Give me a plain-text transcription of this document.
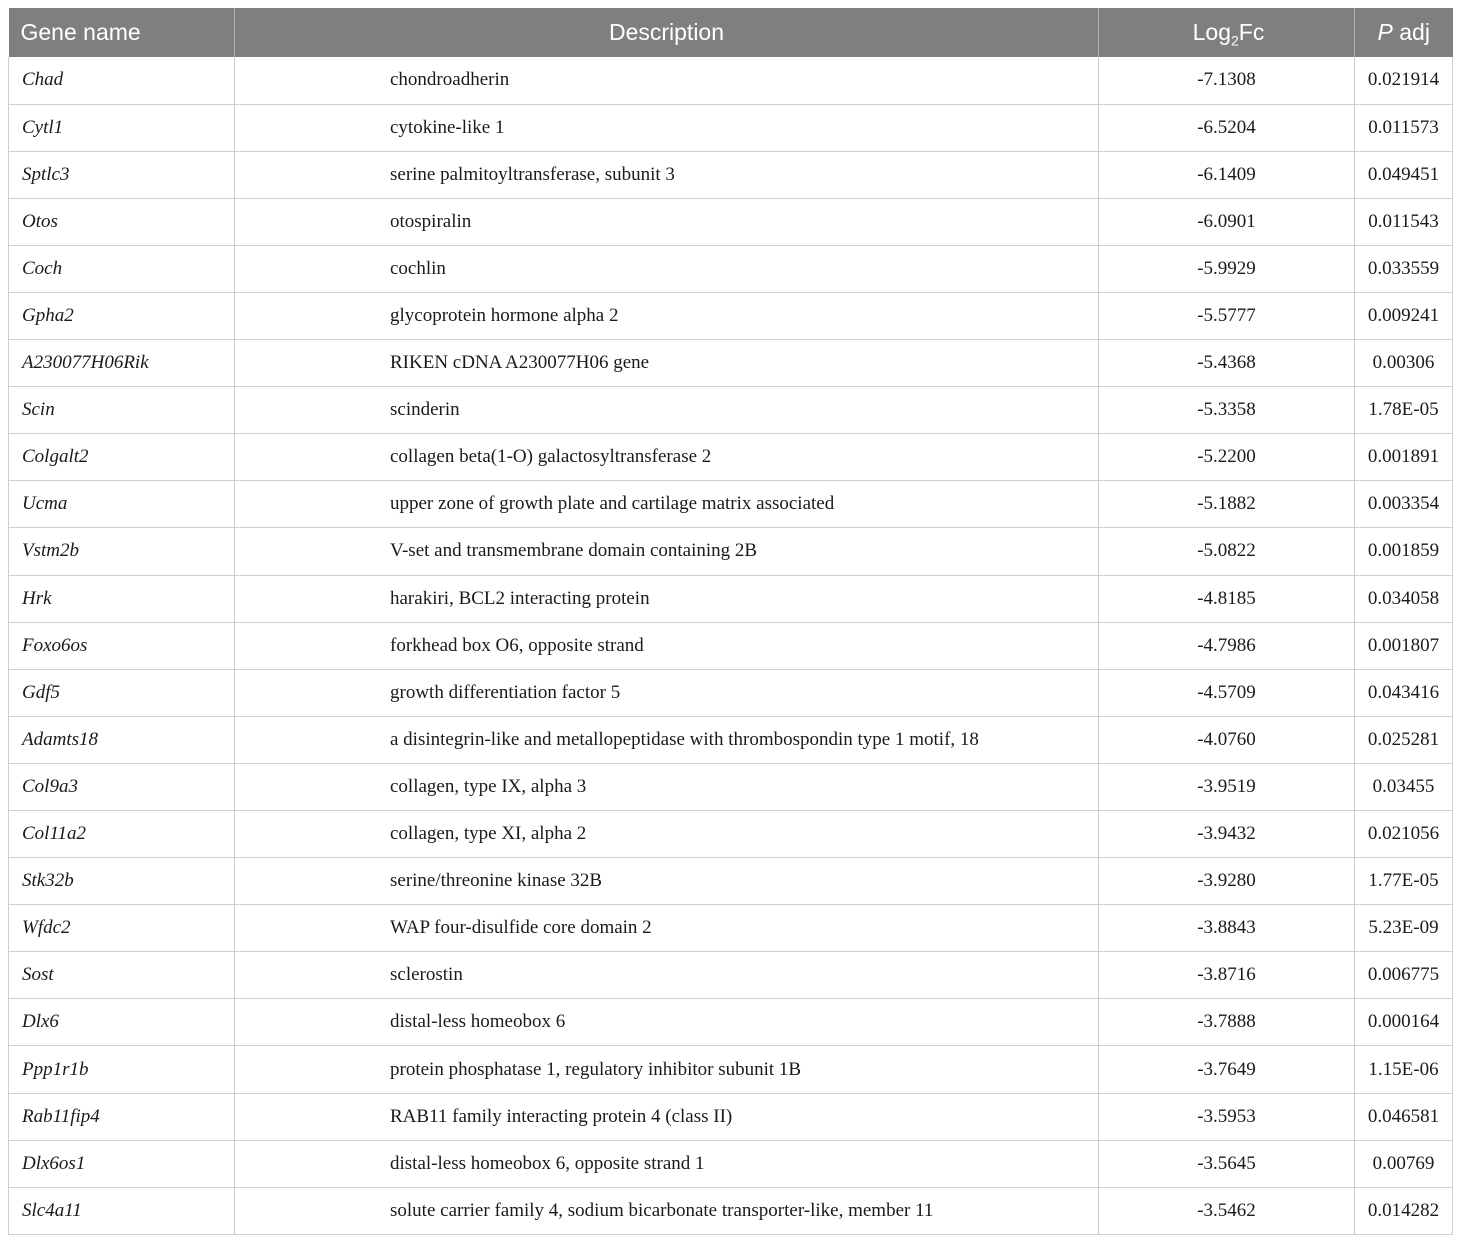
Gene name	Description	Log$_2$Fc	P adj
Chad	chondroadherin	-7.1308	0.021914
Cytl1	cytokine-like 1	-6.5204	0.011573
Sptlc3	serine palmitoyltransferase, subunit 3	-6.1409	0.049451
Otos	otospiralin	-6.0901	0.011543
Coch	cochlin	-5.9929	0.033559
Gpha2	glycoprotein hormone alpha 2	-5.5777	0.009241
A230077H06Rik	RIKEN cDNA A230077H06 gene	-5.4368	0.00306
Scin	scinderin	-5.3358	1.78E-05
Colgalt2	collagen beta(1-O) galactosyltransferase 2	-5.2200	0.001891
Ucma	upper zone of growth plate and cartilage matrix associated	-5.1882	0.003354
Vstm2b	V-set and transmembrane domain containing 2B	-5.0822	0.001859
Hrk	harakiri, BCL2 interacting protein	-4.8185	0.034058
Foxo6os	forkhead box O6, opposite strand	-4.7986	0.001807
Gdf5	growth differentiation factor 5	-4.5709	0.043416
Adamts18	a disintegrin-like and metallopeptidase with thrombospondin type 1 motif, 18	-4.0760	0.025281
Col9a3	collagen, type IX, alpha 3	-3.9519	0.03455
Col11a2	collagen, type XI, alpha 2	-3.9432	0.021056
Stk32b	serine/threonine kinase 32B	-3.9280	1.77E-05
Wfdc2	WAP four-disulfide core domain 2	-3.8843	5.23E-09
Sost	sclerostin	-3.8716	0.006775
Dlx6	distal-less homeobox 6	-3.7888	0.000164
Ppp1r1b	protein phosphatase 1, regulatory inhibitor subunit 1B	-3.7649	1.15E-06
Rab11fip4	RAB11 family interacting protein 4 (class II)	-3.5953	0.046581
Dlx6os1	distal-less homeobox 6, opposite strand 1	-3.5645	0.00769
Slc4a11	solute carrier family 4, sodium bicarbonate transporter-like, member 11	-3.5462	0.014282
